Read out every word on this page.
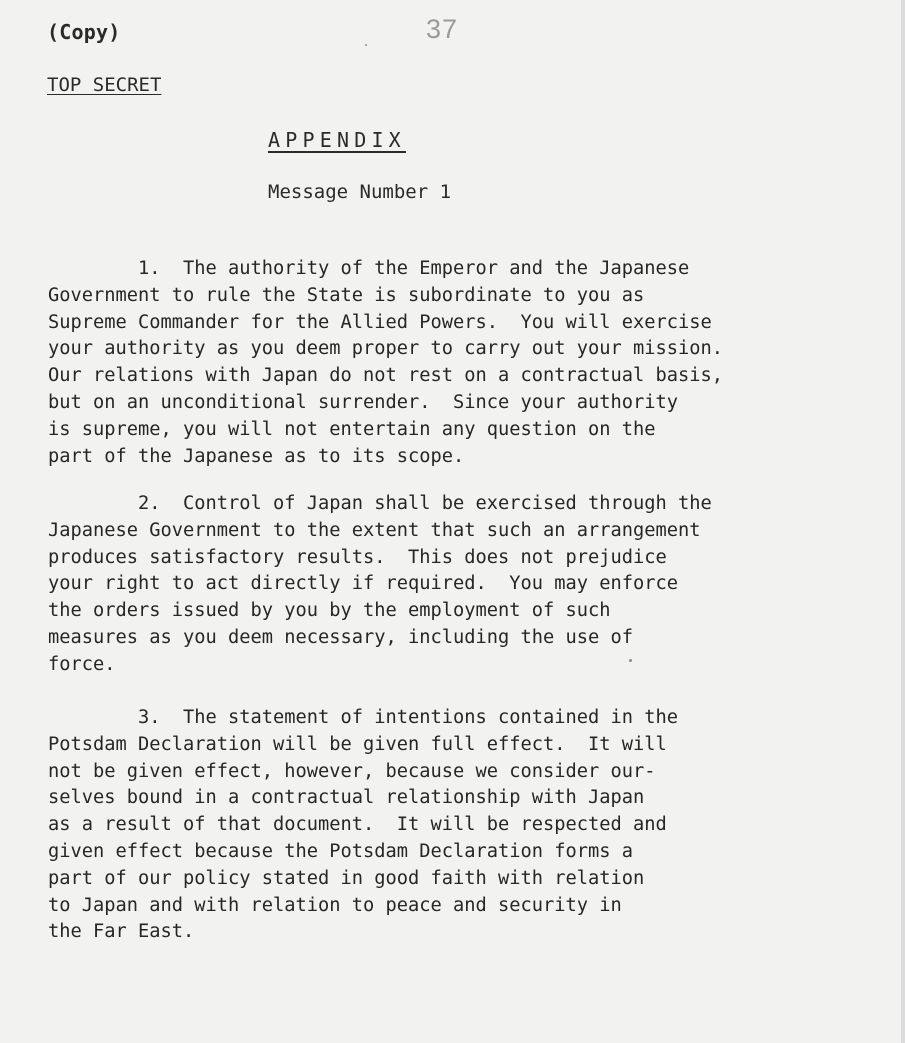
(Copy)	37
TOP SECRET
APPENDIX
Message Number 1

1.  The authority of the Emperor and the Japanese
Government to rule the State is subordinate to you as
Supreme Commander for the Allied Powers.  You will exercise
your authority as you deem proper to carry out your mission.
Our relations with Japan do not rest on a contractual basis,
but on an unconditional surrender.  Since your authority
is supreme, you will not entertain any question on the
part of the Japanese as to its scope.

2.  Control of Japan shall be exercised through the
Japanese Government to the extent that such an arrangement
produces satisfactory results.  This does not prejudice
your right to act directly if required.  You may enforce
the orders issued by you by the employment of such
measures as you deem necessary, including the use of
force.

3.  The statement of intentions contained in the
Potsdam Declaration will be given full effect.  It will
not be given effect, however, because we consider our-
selves bound in a contractual relationship with Japan
as a result of that document.  It will be respected and
given effect because the Potsdam Declaration forms a
part of our policy stated in good faith with relation
to Japan and with relation to peace and security in
the Far East.
